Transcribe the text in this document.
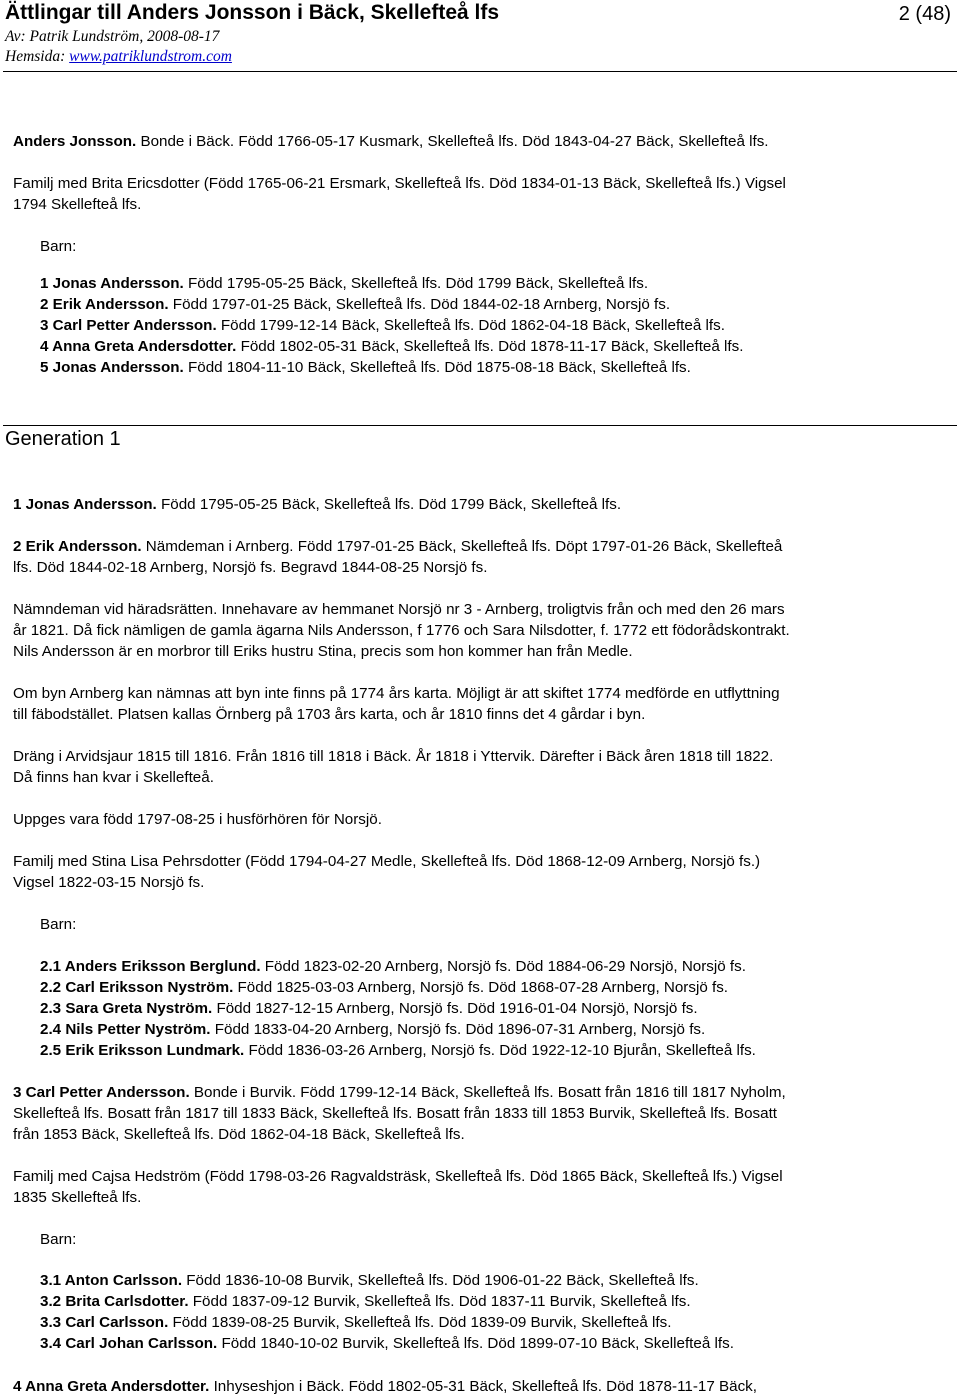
Ättlingar till Anders Jonsson i Bäck, Skellefteå lfs	2 (48)
Av: Patrik Lundström, 2008-08-17
Hemsida: www.patriklundstrom.com
Anders Jonsson. Bonde i Bäck. Född 1766-05-17 Kusmark, Skellefteå lfs. Död 1843-04-27 Bäck, Skellefteå lfs.
Familj med Brita Ericsdotter (Född 1765-06-21 Ersmark, Skellefteå lfs. Död 1834-01-13 Bäck, Skellefteå lfs.) Vigsel
1794 Skellefteå lfs.
Barn:
1 Jonas Andersson. Född 1795-05-25 Bäck, Skellefteå lfs. Död 1799 Bäck, Skellefteå lfs.
2 Erik Andersson. Född 1797-01-25 Bäck, Skellefteå lfs. Död 1844-02-18 Arnberg, Norsjö fs.
3 Carl Petter Andersson. Född 1799-12-14 Bäck, Skellefteå lfs. Död 1862-04-18 Bäck, Skellefteå lfs.
4 Anna Greta Andersdotter. Född 1802-05-31 Bäck, Skellefteå lfs. Död 1878-11-17 Bäck, Skellefteå lfs.
5 Jonas Andersson. Född 1804-11-10 Bäck, Skellefteå lfs. Död 1875-08-18 Bäck, Skellefteå lfs.
Generation 1
1 Jonas Andersson. Född 1795-05-25 Bäck, Skellefteå lfs. Död 1799 Bäck, Skellefteå lfs.
2 Erik Andersson. Nämdeman i Arnberg. Född 1797-01-25 Bäck, Skellefteå lfs. Döpt 1797-01-26 Bäck, Skellefteå
lfs. Död 1844-02-18 Arnberg, Norsjö fs. Begravd 1844-08-25 Norsjö fs.
Nämndeman vid häradsrätten. Innehavare av hemmanet Norsjö nr 3 - Arnberg, troligtvis från och med den 26 mars
år 1821. Då fick nämligen de gamla ägarna Nils Andersson, f 1776 och Sara Nilsdotter, f. 1772 ett födorådskontrakt.
Nils Andersson är en morbror till Eriks hustru Stina, precis som hon kommer han från Medle.
Om byn Arnberg kan nämnas att byn inte finns på 1774 års karta. Möjligt är att skiftet 1774 medförde en utflyttning
till fäbodstället. Platsen kallas Örnberg på 1703 års karta, och år 1810 finns det 4 gårdar i byn.
Dräng i Arvidsjaur 1815 till 1816. Från 1816 till 1818 i Bäck. År 1818 i Yttervik. Därefter i Bäck åren 1818 till 1822.
Då finns han kvar i Skellefteå.
Uppges vara född 1797-08-25 i husförhören för Norsjö.
Familj med Stina Lisa Pehrsdotter (Född 1794-04-27 Medle, Skellefteå lfs. Död 1868-12-09 Arnberg, Norsjö fs.)
Vigsel 1822-03-15 Norsjö fs.
Barn:
2.1 Anders Eriksson Berglund. Född 1823-02-20 Arnberg, Norsjö fs. Död 1884-06-29 Norsjö, Norsjö fs.
2.2 Carl Eriksson Nyström. Född 1825-03-03 Arnberg, Norsjö fs. Död 1868-07-28 Arnberg, Norsjö fs.
2.3 Sara Greta Nyström. Född 1827-12-15 Arnberg, Norsjö fs. Död 1916-01-04 Norsjö, Norsjö fs.
2.4 Nils Petter Nyström. Född 1833-04-20 Arnberg, Norsjö fs. Död 1896-07-31 Arnberg, Norsjö fs.
2.5 Erik Eriksson Lundmark. Född 1836-03-26 Arnberg, Norsjö fs. Död 1922-12-10 Bjurån, Skellefteå lfs.
3 Carl Petter Andersson. Bonde i Burvik. Född 1799-12-14 Bäck, Skellefteå lfs. Bosatt från 1816 till 1817 Nyholm,
Skellefteå lfs. Bosatt från 1817 till 1833 Bäck, Skellefteå lfs. Bosatt från 1833 till 1853 Burvik, Skellefteå lfs. Bosatt
från 1853 Bäck, Skellefteå lfs. Död 1862-04-18 Bäck, Skellefteå lfs.
Familj med Cajsa Hedström (Född 1798-03-26 Ragvaldsträsk, Skellefteå lfs. Död 1865 Bäck, Skellefteå lfs.) Vigsel
1835 Skellefteå lfs.
Barn:
3.1 Anton Carlsson. Född 1836-10-08 Burvik, Skellefteå lfs. Död 1906-01-22 Bäck, Skellefteå lfs.
3.2 Brita Carlsdotter. Född 1837-09-12 Burvik, Skellefteå lfs. Död 1837-11 Burvik, Skellefteå lfs.
3.3 Carl Carlsson. Född 1839-08-25 Burvik, Skellefteå lfs. Död 1839-09 Burvik, Skellefteå lfs.
3.4 Carl Johan Carlsson. Född 1840-10-02 Burvik, Skellefteå lfs. Död 1899-07-10 Bäck, Skellefteå lfs.
4 Anna Greta Andersdotter. Inhyseshjon i Bäck. Född 1802-05-31 Bäck, Skellefteå lfs. Död 1878-11-17 Bäck,
